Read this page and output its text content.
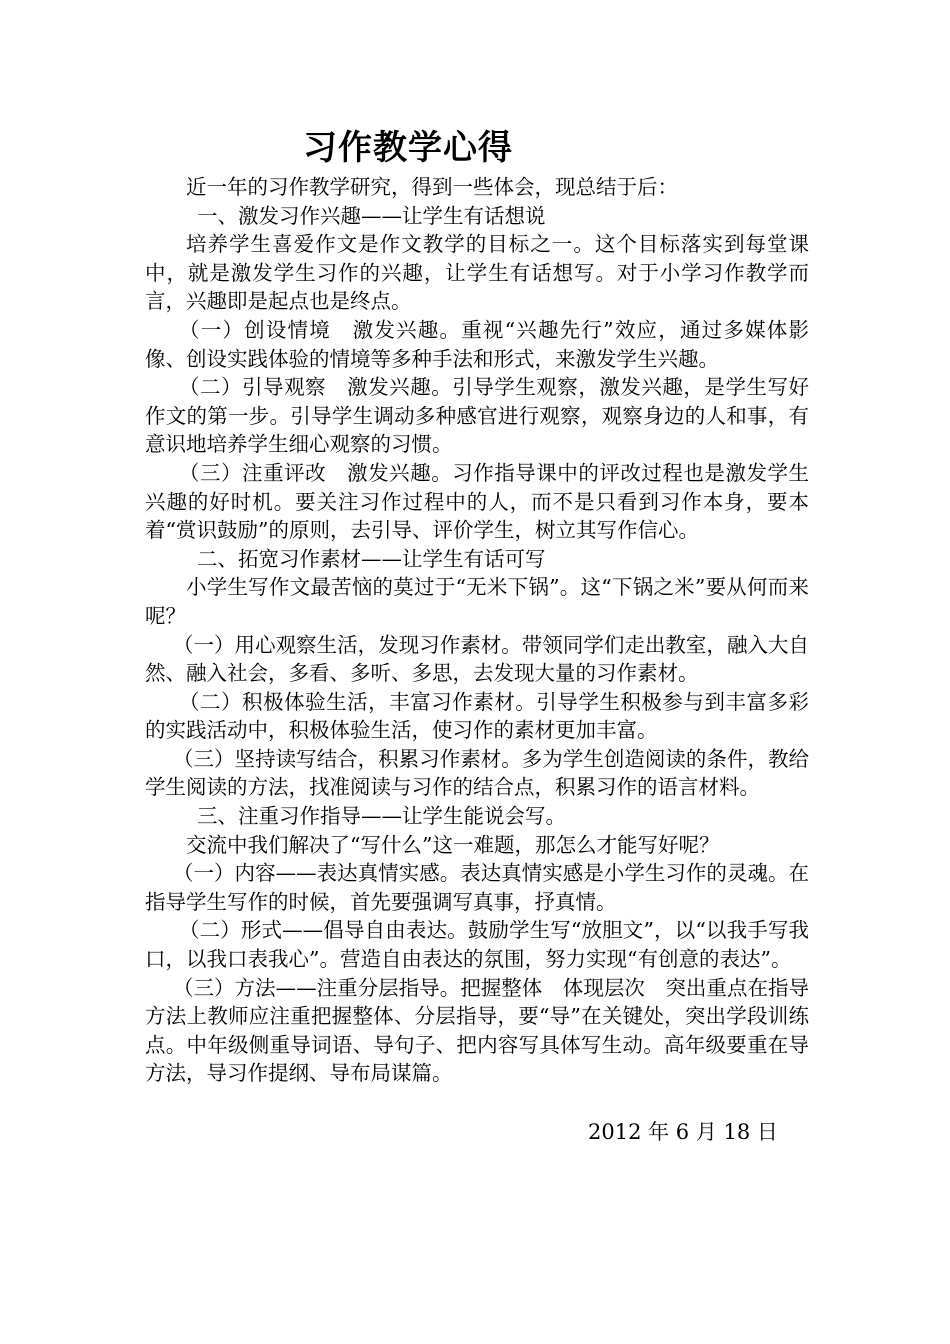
习作教学心得

近一年的习作教学研究，得到一些体会，现总结于后：

一、激发习作兴趣——让学生有话想说

培养学生喜爱作文是作文教学的目标之一。这个目标落实到每堂课中，就是激发学生习作的兴趣，让学生有话想写。对于小学习作教学而言，兴趣即是起点也是终点。

（一）创设情境　激发兴趣。重视“兴趣先行”效应，通过多媒体影像、创设实践体验的情境等多种手法和形式，来激发学生兴趣。

（二）引导观察　激发兴趣。引导学生观察，激发兴趣，是学生写好作文的第一步。引导学生调动多种感官进行观察，观察身边的人和事，有意识地培养学生细心观察的习惯。

（三）注重评改　激发兴趣。习作指导课中的评改过程也是激发学生兴趣的好时机。要关注习作过程中的人，而不是只看到习作本身，要本着“赏识鼓励”的原则，去引导、评价学生，树立其写作信心。

二、拓宽习作素材——让学生有话可写

小学生写作文最苦恼的莫过于“无米下锅”。这“下锅之米”要从何而来呢？

（一）用心观察生活，发现习作素材。带领同学们走出教室，融入大自然、融入社会，多看、多听、多思，去发现大量的习作素材。

（二）积极体验生活，丰富习作素材。引导学生积极参与到丰富多彩的实践活动中，积极体验生活，使习作的素材更加丰富。

（三）坚持读写结合，积累习作素材。多为学生创造阅读的条件，教给学生阅读的方法，找准阅读与习作的结合点，积累习作的语言材料。

三、注重习作指导——让学生能说会写。

交流中我们解决了“写什么”这一难题，那怎么才能写好呢？

（一）内容——表达真情实感。表达真情实感是小学生习作的灵魂。在指导学生写作的时候，首先要强调写真事，抒真情。

（二）形式——倡导自由表达。鼓励学生写“放胆文”，以“以我手写我口，以我口表我心”。营造自由表达的氛围，努力实现“有创意的表达”。

（三）方法——注重分层指导。把握整体　体现层次　突出重点在指导方法上教师应注重把握整体、分层指导，要“导”在关键处，突出学段训练点。中年级侧重导词语、导句子、把内容写具体写生动。高年级要重在导方法，导习作提纲、导布局谋篇。

2012 年 6 月 18 日
